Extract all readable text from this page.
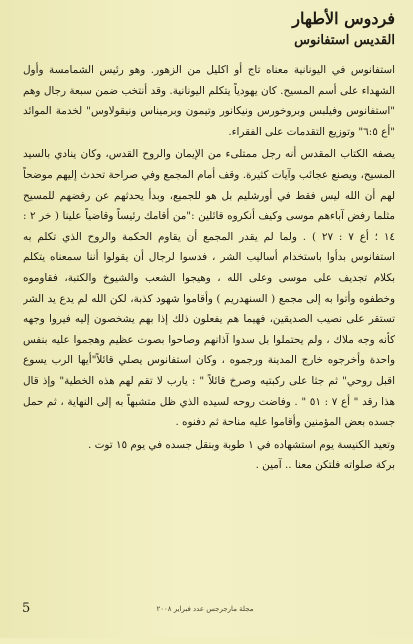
فردوس الأطهار
القديس استفانوس

استفانوس في اليونانية معناه تاج أو اكليل من الزهور. وهو رئيس الشمامسة وأول الشهداء على أسم المسيح. كان يهودياً يتكلم اليونانية. وقد أنتخب ضمن سبعة رجال وهم "استفانوس وفيلبس وبروخورس ونيكانور وتيمون وبرميناس ونيقولاوس" لخدمة الموائد "أع ٦:٥" وتوزيع التقدمات على الفقراء.

يصفه الكتاب المقدس أنه رجل ممتلىء من الإيمان والروح القدس، وكان ينادي بالسيد المسيح، ويصنع عجائب وآيات كثيرة. وقف أمام المجمع وفي صراحة تحدث إليهم موضحاً لهم أن الله ليس فقط في أورشليم بل هو للجميع، وبدأ يحدثهم عن رفضهم للمسيح مثلما رفض آباءهم موسى وكيف أنكروه قائلين :"من أقامك رئيساً وقاضياً علينا ( خر ٢ : ١٤ ؛ أع ٧ : ٢٧ ) . ولما لم يقدر المجمع أن يقاوم الحكمة والروح الذي تكلم به استفانوس بدأوا باستخدام أساليب الشر ، فدسوا لرجال أن يقولوا أننا سمعناه يتكلم بكلام تجديف على موسى وعلى الله ، وهيجوا الشعب والشيوخ والكتبة، فقاوموه وخطفوه وأتوا به إلى مجمع ( السنهدريم ) وأقاموا شهود كذبة، لكن الله لم يدع يد الشر تستقر على نصيب الصديقين، فهيما هم يفعلون ذلك إذا بهم يشخصون إليه فيروا وجهه كأنه وجه ملاك ، ولم يحتملوا بل سدوا آذانهم وصاحوا بصوت عظيم وهجموا عليه بنفس واحدة وأخرجوه خارج المدينة ورجموه ، وكان استفانوس يصلي قائلاً"أيها الرب يسوع اقبل روحي" ثم جثا على ركبتيه وصرخ قائلاً " : يارب لا تقم لهم هذه الخطية" وإذ قال هذا رقد " أع ٧ : ٥١ " . وفاضت روحه لسيده الذي ظل متشبهاً به إلى النهاية ، ثم حمل جسده بعض المؤمنين وأقاموا عليه مناحة ثم دفنوه .

وتعيد الكنيسة يوم استشهاده في ١ طوبة وبنقل جسده في يوم ١٥ توت .

بركة صلواته فلتكن معنا .. آمين .

مجلة مارجرجس عدد فبراير ٢٠٠٨
5
